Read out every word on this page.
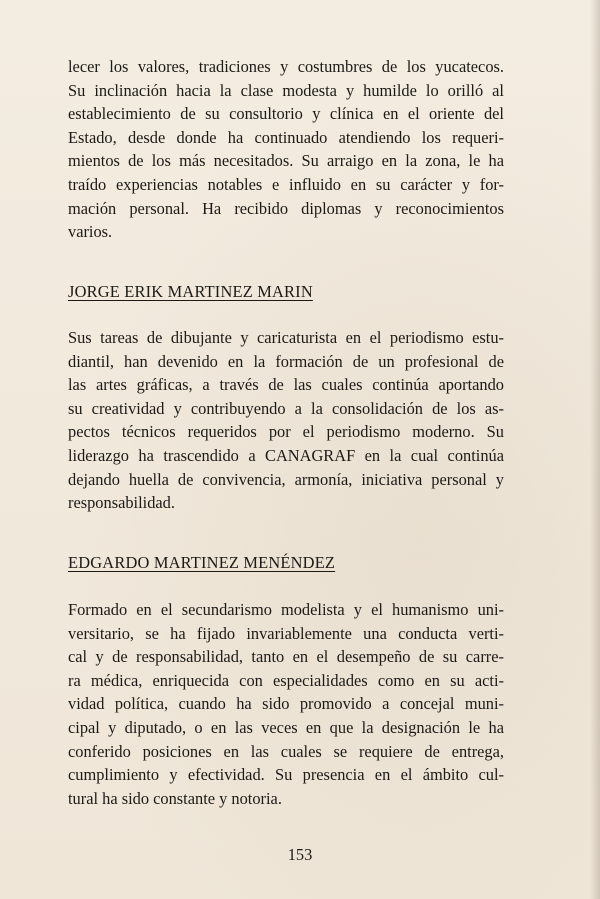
lecer los valores, tradiciones y costumbres de los yucatecos.
Su inclinación hacia la clase modesta y humilde lo orilló al
establecimiento de su consultorio y clínica en el oriente del
Estado, desde donde ha continuado atendiendo los requeri-
mientos de los más necesitados. Su arraigo en la zona, le ha
traído experiencias notables e influido en su carácter y for-
mación personal. Ha recibido diplomas y reconocimientos
varios.

JORGE ERIK MARTINEZ MARIN

Sus tareas de dibujante y caricaturista en el periodismo estu-
diantil, han devenido en la formación de un profesional de
las artes gráficas, a través de las cuales continúa aportando
su creatividad y contribuyendo a la consolidación de los as-
pectos técnicos requeridos por el periodismo moderno. Su
liderazgo ha trascendido a CANAGRAF en la cual continúa
dejando huella de convivencia, armonía, iniciativa personal y
responsabilidad.

EDGARDO MARTINEZ MENÉNDEZ

Formado en el secundarismo modelista y el humanismo uni-
versitario, se ha fijado invariablemente una conducta verti-
cal y de responsabilidad, tanto en el desempeño de su carre-
ra médica, enriquecida con especialidades como en su acti-
vidad política, cuando ha sido promovido a concejal muni-
cipal y diputado, o en las veces en que la designación le ha
conferido posiciones en las cuales se requiere de entrega,
cumplimiento y efectividad. Su presencia en el ámbito cul-
tural ha sido constante y notoria.

153
